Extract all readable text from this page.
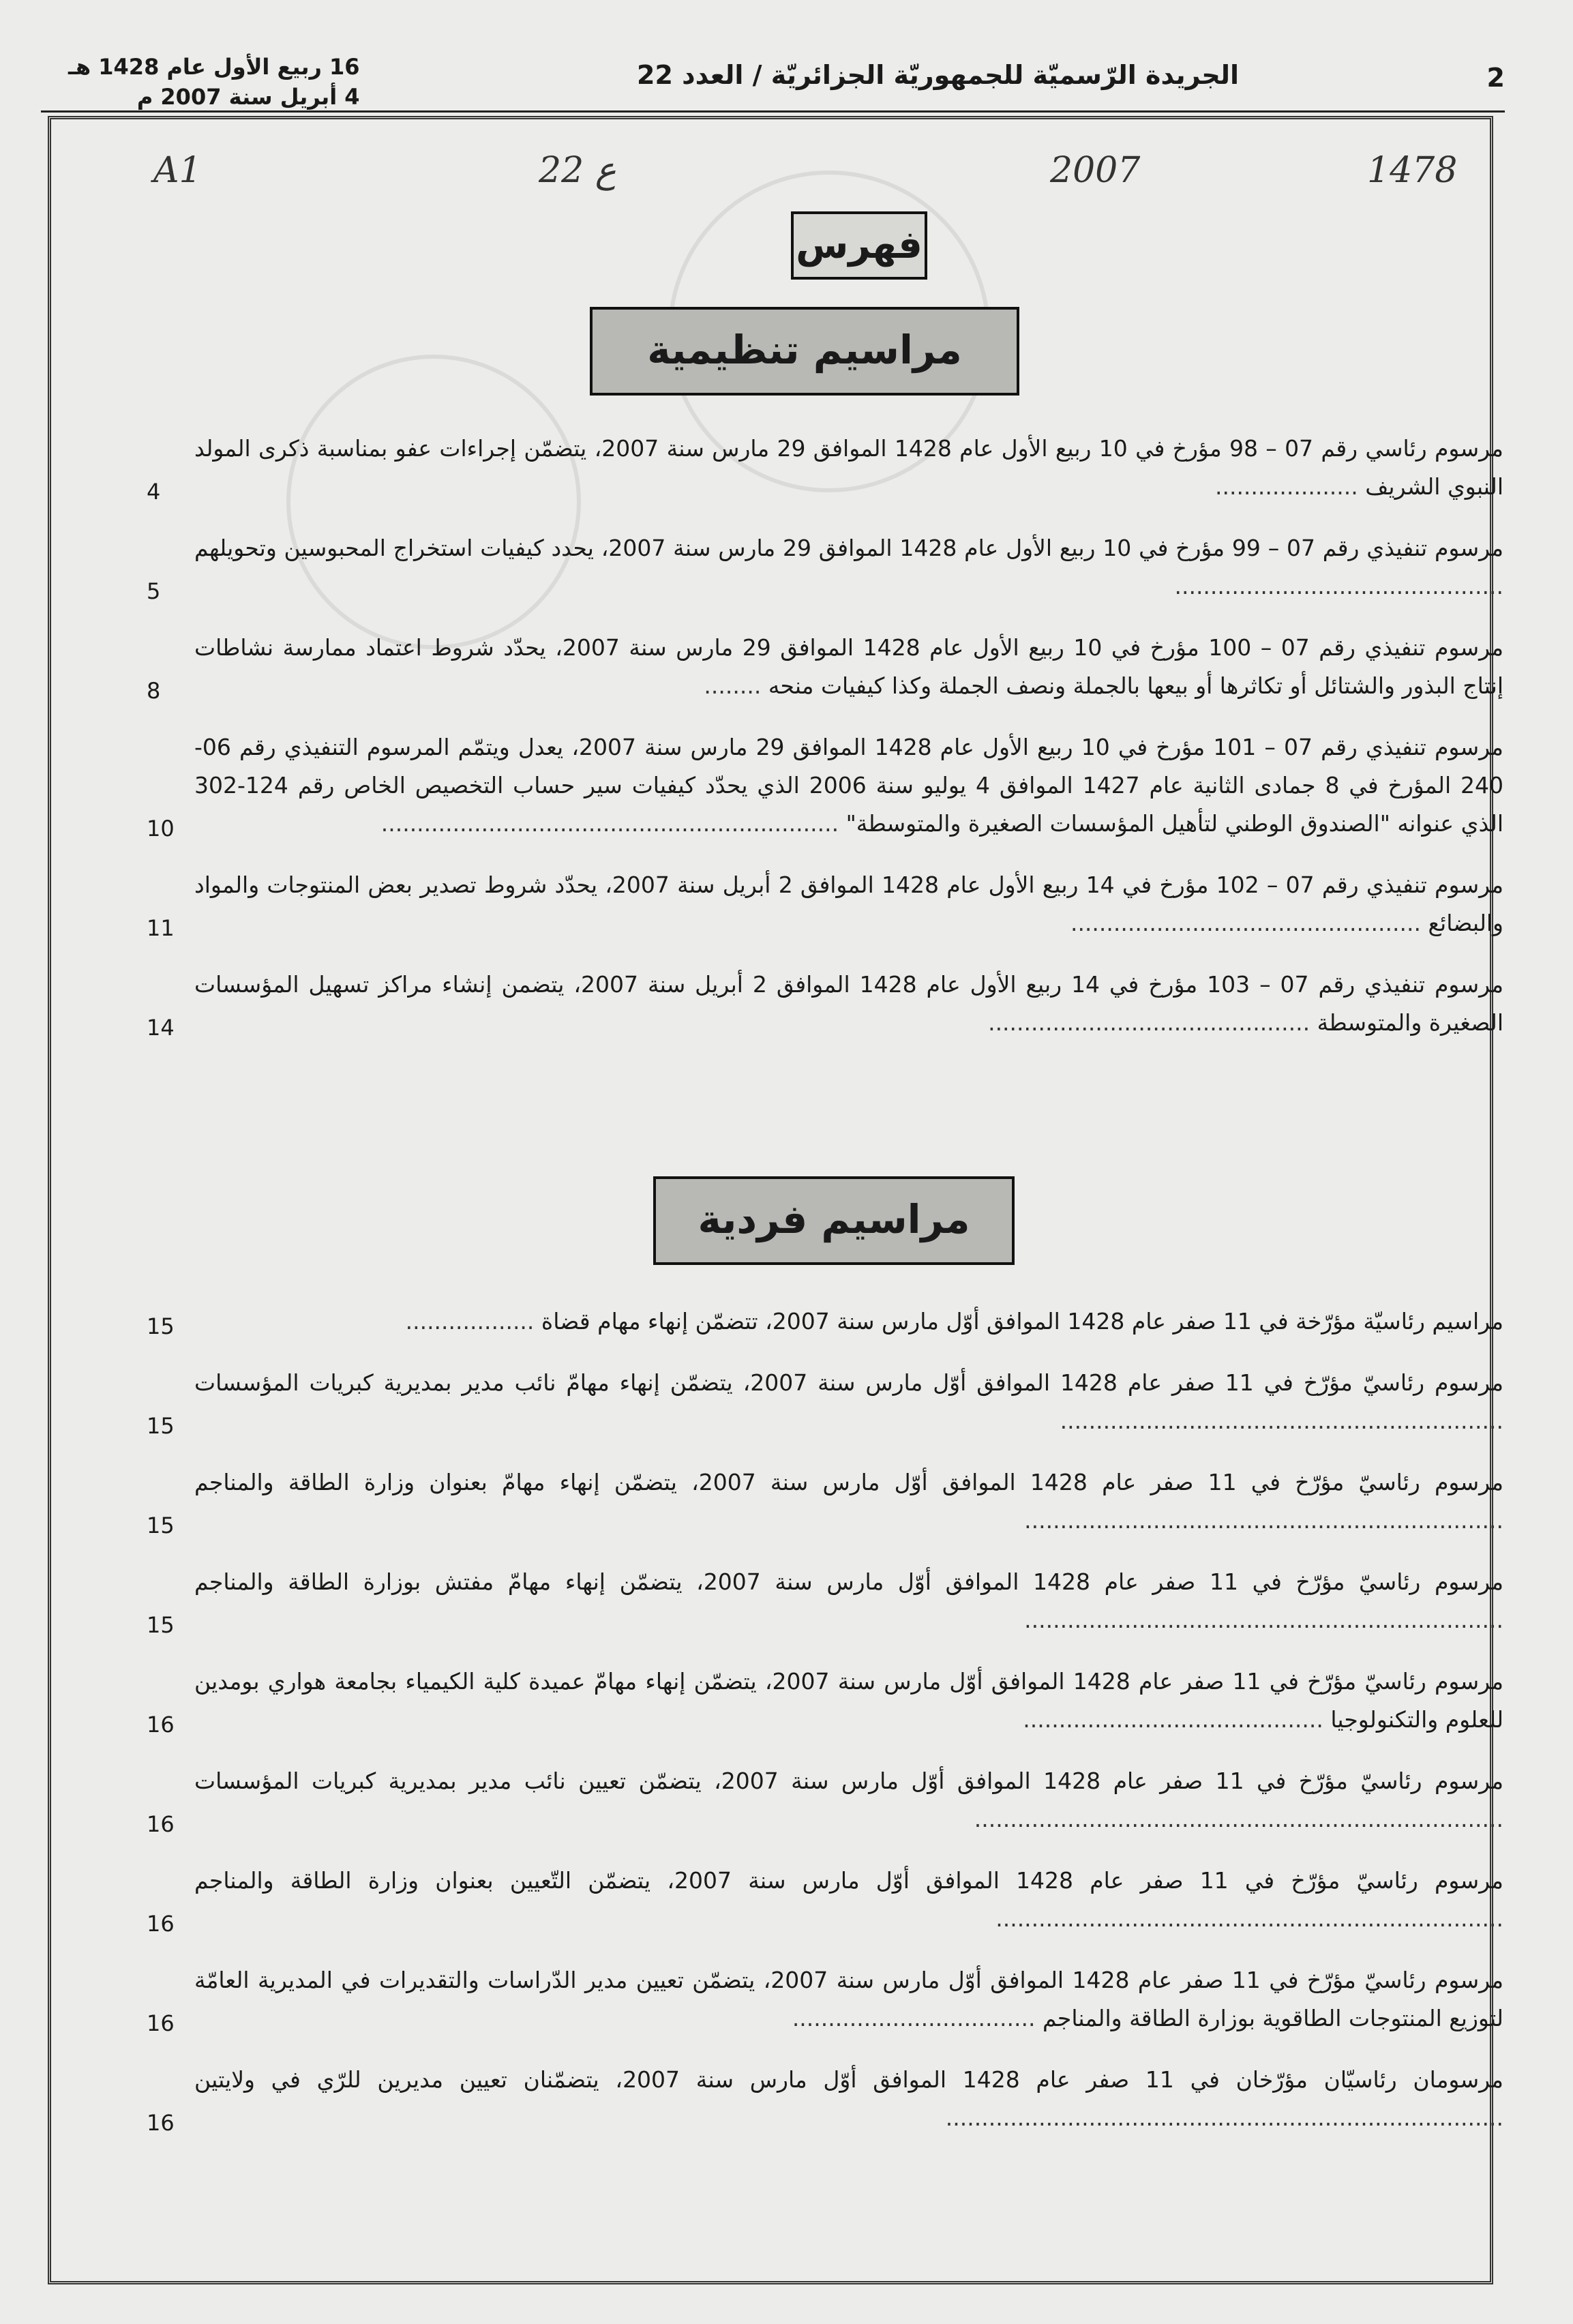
2
الجريدة الرّسميّة للجمهوريّة الجزائريّة / العدد 22
16 ربيع الأول عام 1428 هـ
4 أبريل سنة 2007 م
A1	22 ع	2007	1478
فهرس
مراسيم تنظيمية
مرسوم رئاسي رقم 07 – 98 مؤرخ في 10 ربيع الأول عام 1428 الموافق 29 مارس سنة 2007، يتضمّن إجراءات عفو بمناسبة ذكرى المولد النبوي الشريف ....................
4
مرسوم تنفيذي رقم 07 – 99 مؤرخ في 10 ربيع الأول عام 1428 الموافق 29 مارس سنة 2007، يحدد كيفيات استخراج المحبوسين وتحويلهم ..............................................
5
مرسوم تنفيذي رقم 07 – 100 مؤرخ في 10 ربيع الأول عام 1428 الموافق 29 مارس سنة 2007، يحدّد شروط اعتماد ممارسة نشاطات إنتاج البذور والشتائل أو تكاثرها أو بيعها بالجملة ونصف الجملة وكذا كيفيات منحه ........
8
مرسوم تنفيذي رقم 07 – 101 مؤرخ في 10 ربيع الأول عام 1428 الموافق 29 مارس سنة 2007، يعدل ويتمّم المرسوم التنفيذي رقم 06-240 المؤرخ في 8 جمادى الثانية عام 1427 الموافق 4 يوليو سنة 2006 الذي يحدّد كيفيات سير حساب التخصيص الخاص رقم 124-302 الذي عنوانه "الصندوق الوطني لتأهيل المؤسسات الصغيرة والمتوسطة" ................................................................
10
مرسوم تنفيذي رقم 07 – 102 مؤرخ في 14 ربيع الأول عام 1428 الموافق 2 أبريل سنة 2007، يحدّد شروط تصدير بعض المنتوجات والمواد والبضائع .................................................
11
مرسوم تنفيذي رقم 07 – 103 مؤرخ في 14 ربيع الأول عام 1428 الموافق 2 أبريل سنة 2007، يتضمن إنشاء مراكز تسهيل المؤسسات الصغيرة والمتوسطة .............................................
14
مراسيم فردية
مراسيم رئاسيّة مؤرّخة في 11 صفر عام 1428 الموافق أوّل مارس سنة 2007، تتضمّن إنهاء مهام قضاة ..................
15
مرسوم رئاسيّ مؤرّخ في 11 صفر عام 1428 الموافق أوّل مارس سنة 2007، يتضمّن إنهاء مهامّ نائب مدير بمديرية كبريات المؤسسات ..............................................................
15
مرسوم رئاسيّ مؤرّخ في 11 صفر عام 1428 الموافق أوّل مارس سنة 2007، يتضمّن إنهاء مهامّ بعنوان وزارة الطاقة والمناجم ...................................................................
15
مرسوم رئاسيّ مؤرّخ في 11 صفر عام 1428 الموافق أوّل مارس سنة 2007، يتضمّن إنهاء مهامّ مفتش بوزارة الطاقة والمناجم ...................................................................
15
مرسوم رئاسيّ مؤرّخ في 11 صفر عام 1428 الموافق أوّل مارس سنة 2007، يتضمّن إنهاء مهامّ عميدة كلية الكيمياء بجامعة هواري بومدين للعلوم والتكنولوجيا ..........................................
16
مرسوم رئاسيّ مؤرّخ في 11 صفر عام 1428 الموافق أوّل مارس سنة 2007، يتضمّن تعيين نائب مدير بمديرية كبريات المؤسسات ..........................................................................
16
مرسوم رئاسيّ مؤرّخ في 11 صفر عام 1428 الموافق أوّل مارس سنة 2007، يتضمّن التّعيين بعنوان وزارة الطاقة والمناجم .......................................................................
16
مرسوم رئاسيّ مؤرّخ في 11 صفر عام 1428 الموافق أوّل مارس سنة 2007، يتضمّن تعيين مدير الدّراسات والتقديرات في المديرية العامّة لتوزيع المنتوجات الطاقوية بوزارة الطاقة والمناجم ..................................
16
مرسومان رئاسيّان مؤرّخان في 11 صفر عام 1428 الموافق أوّل مارس سنة 2007، يتضمّنان تعيين مديرين للرّي في ولايتين ..............................................................................
16
